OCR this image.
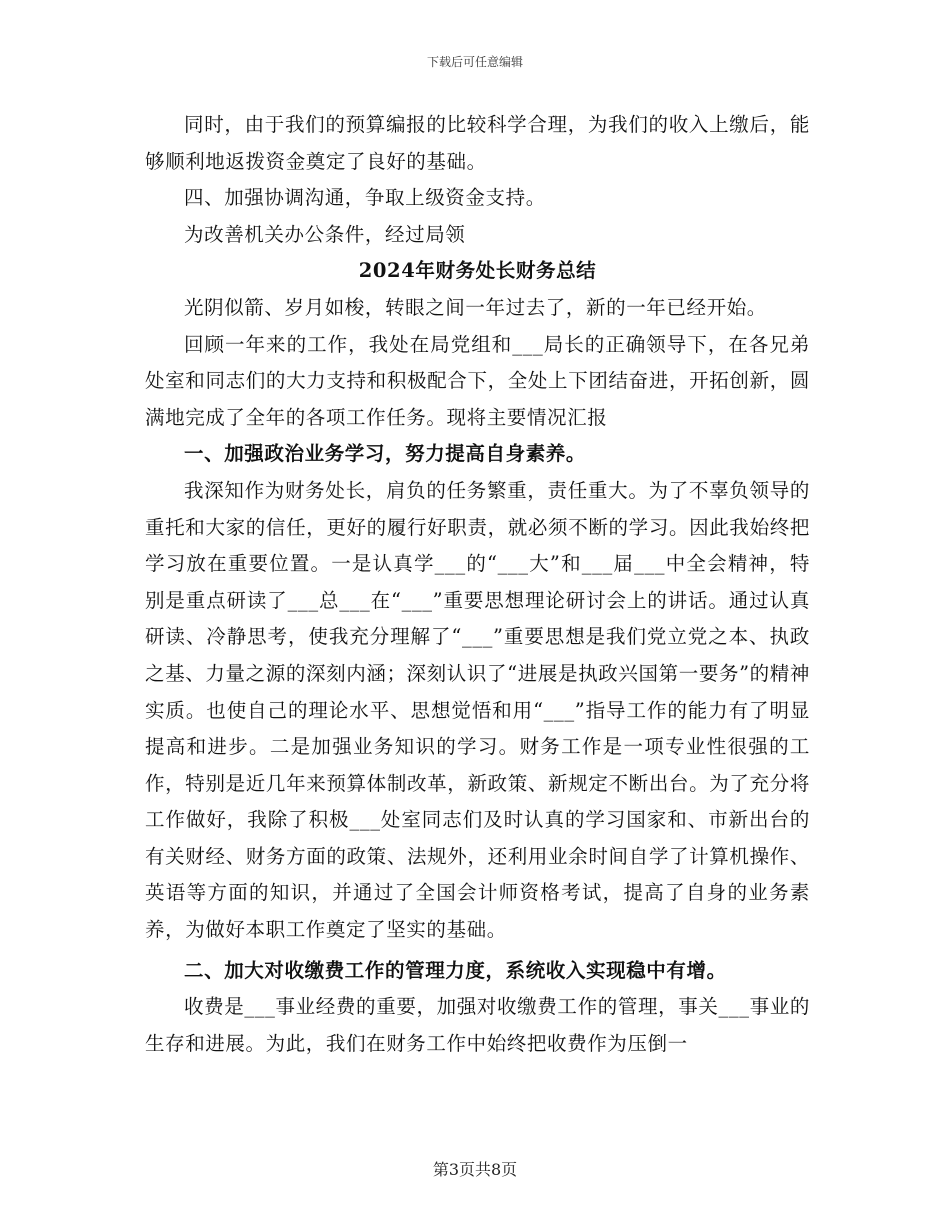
下载后可任意编辑

同时，由于我们的预算编报的比较科学合理，为我们的收入上缴后，能够顺利地返拨资金奠定了良好的基础。

四、加强协调沟通，争取上级资金支持。

为改善机关办公条件，经过局领

2024年财务处长财务总结

光阴似箭、岁月如梭，转眼之间一年过去了，新的一年已经开始。

回顾一年来的工作，我处在局党组和___局长的正确领导下，在各兄弟处室和同志们的大力支持和积极配合下，全处上下团结奋进，开拓创新，圆满地完成了全年的各项工作任务。现将主要情况汇报

一、加强政治业务学习，努力提高自身素养。

我深知作为财务处长，肩负的任务繁重，责任重大。为了不辜负领导的重托和大家的信任，更好的履行好职责，就必须不断的学习。因此我始终把学习放在重要位置。一是认真学___的“___大”和___届___中全会精神，特别是重点研读了___总___在“___”重要思想理论研讨会上的讲话。通过认真研读、冷静思考，使我充分理解了“___”重要思想是我们党立党之本、执政之基、力量之源的深刻内涵；深刻认识了“进展是执政兴国第一要务”的精神实质。也使自己的理论水平、思想觉悟和用“___”指导工作的能力有了明显提高和进步。二是加强业务知识的学习。财务工作是一项专业性很强的工作，特别是近几年来预算体制改革，新政策、新规定不断出台。为了充分将工作做好，我除了积极___处室同志们及时认真的学习国家和、市新出台的有关财经、财务方面的政策、法规外，还利用业余时间自学了计算机操作、英语等方面的知识，并通过了全国会计师资格考试，提高了自身的业务素养，为做好本职工作奠定了坚实的基础。

二、加大对收缴费工作的管理力度，系统收入实现稳中有增。

收费是___事业经费的重要，加强对收缴费工作的管理，事关___事业的生存和进展。为此，我们在财务工作中始终把收费作为压倒一

第3页共8页
